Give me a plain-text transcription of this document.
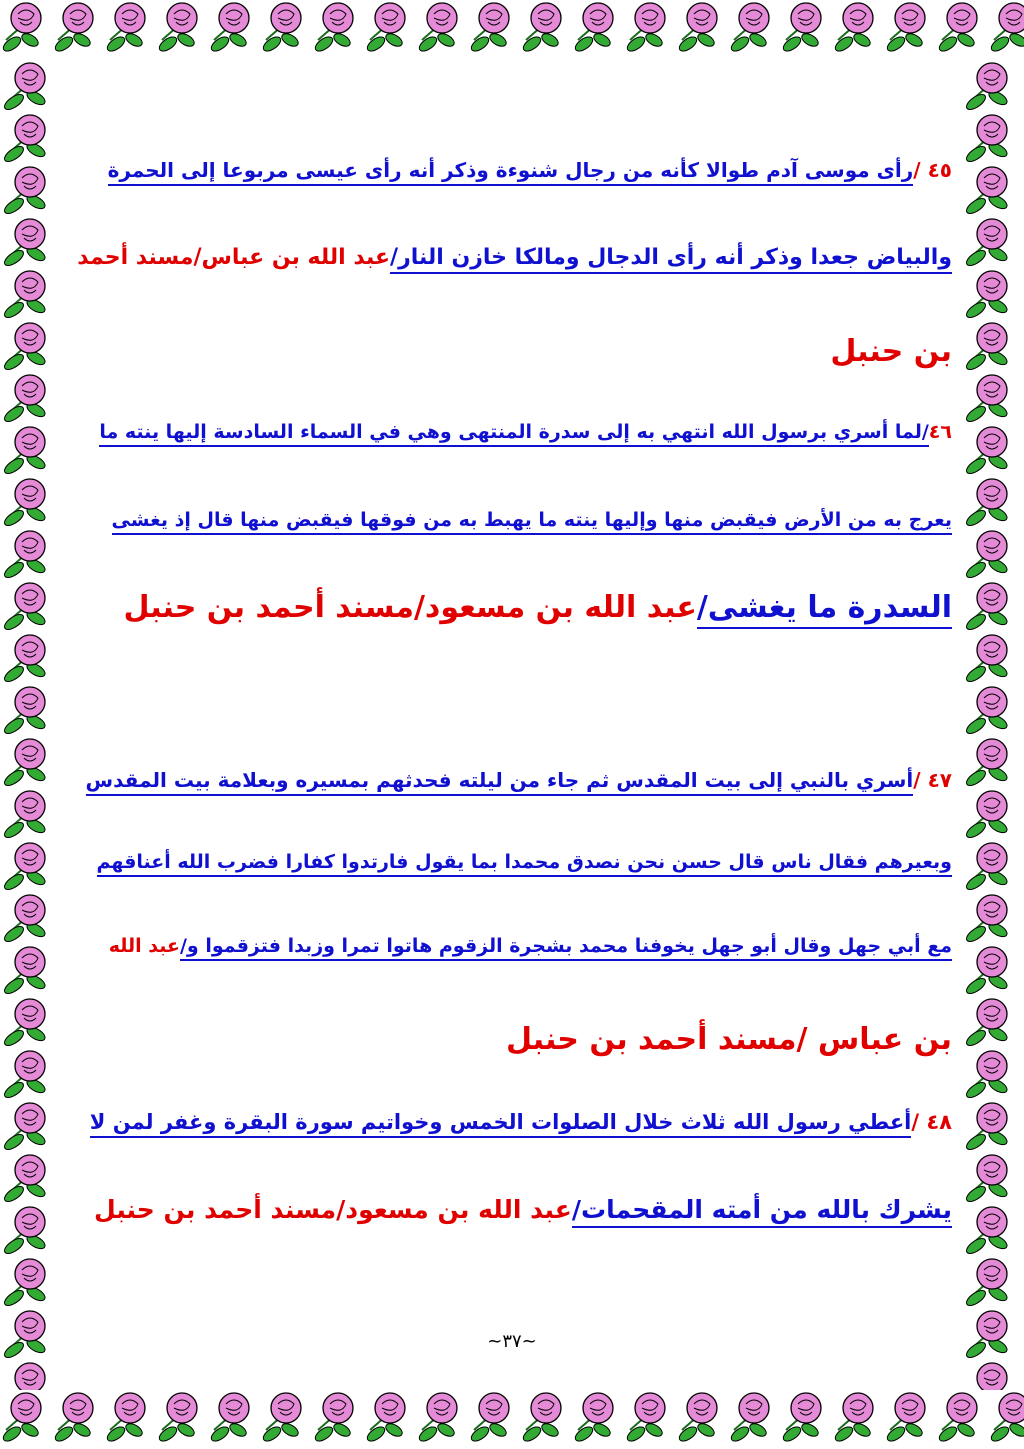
٤٥ /رأى موسى آدم طوالا كأنه من رجال شنوءة وذكر أنه رأى عيسى مربوعا إلى الحمرة
والبياض جعدا وذكر أنه رأى الدجال ومالكا خازن النار/عبد الله بن عباس/مسند أحمد
بن حنبل
٤٦/لما أسري برسول الله انتهي به إلى سدرة المنتهى وهي في السماء السادسة إليها ينته ما
يعرج به من الأرض فيقبض منها وإليها ينته ما يهبط به من فوقها فيقبض منها قال إذ يغشى
السدرة ما يغشى/عبد الله بن مسعود/مسند أحمد بن حنبل
٤٧ /أسري بالنبي إلى بيت المقدس ثم جاء من ليلته فحدثهم بمسيره وبعلامة بيت المقدس
وبعيرهم فقال ناس قال حسن نحن نصدق محمدا بما يقول فارتدوا كفارا فضرب الله أعناقهم
مع أبي جهل وقال أبو جهل يخوفنا محمد بشجرة الزقوم هاتوا تمرا وزبدا فتزقموا و/عبد الله
بن عباس /مسند أحمد بن حنبل
٤٨ /أعطي رسول الله ثلاث خلال الصلوات الخمس وخواتيم سورة البقرة وغفر لمن لا
يشرك بالله من أمته المقحمات/عبد الله بن مسعود/مسند أحمد بن حنبل
~٣٧~
